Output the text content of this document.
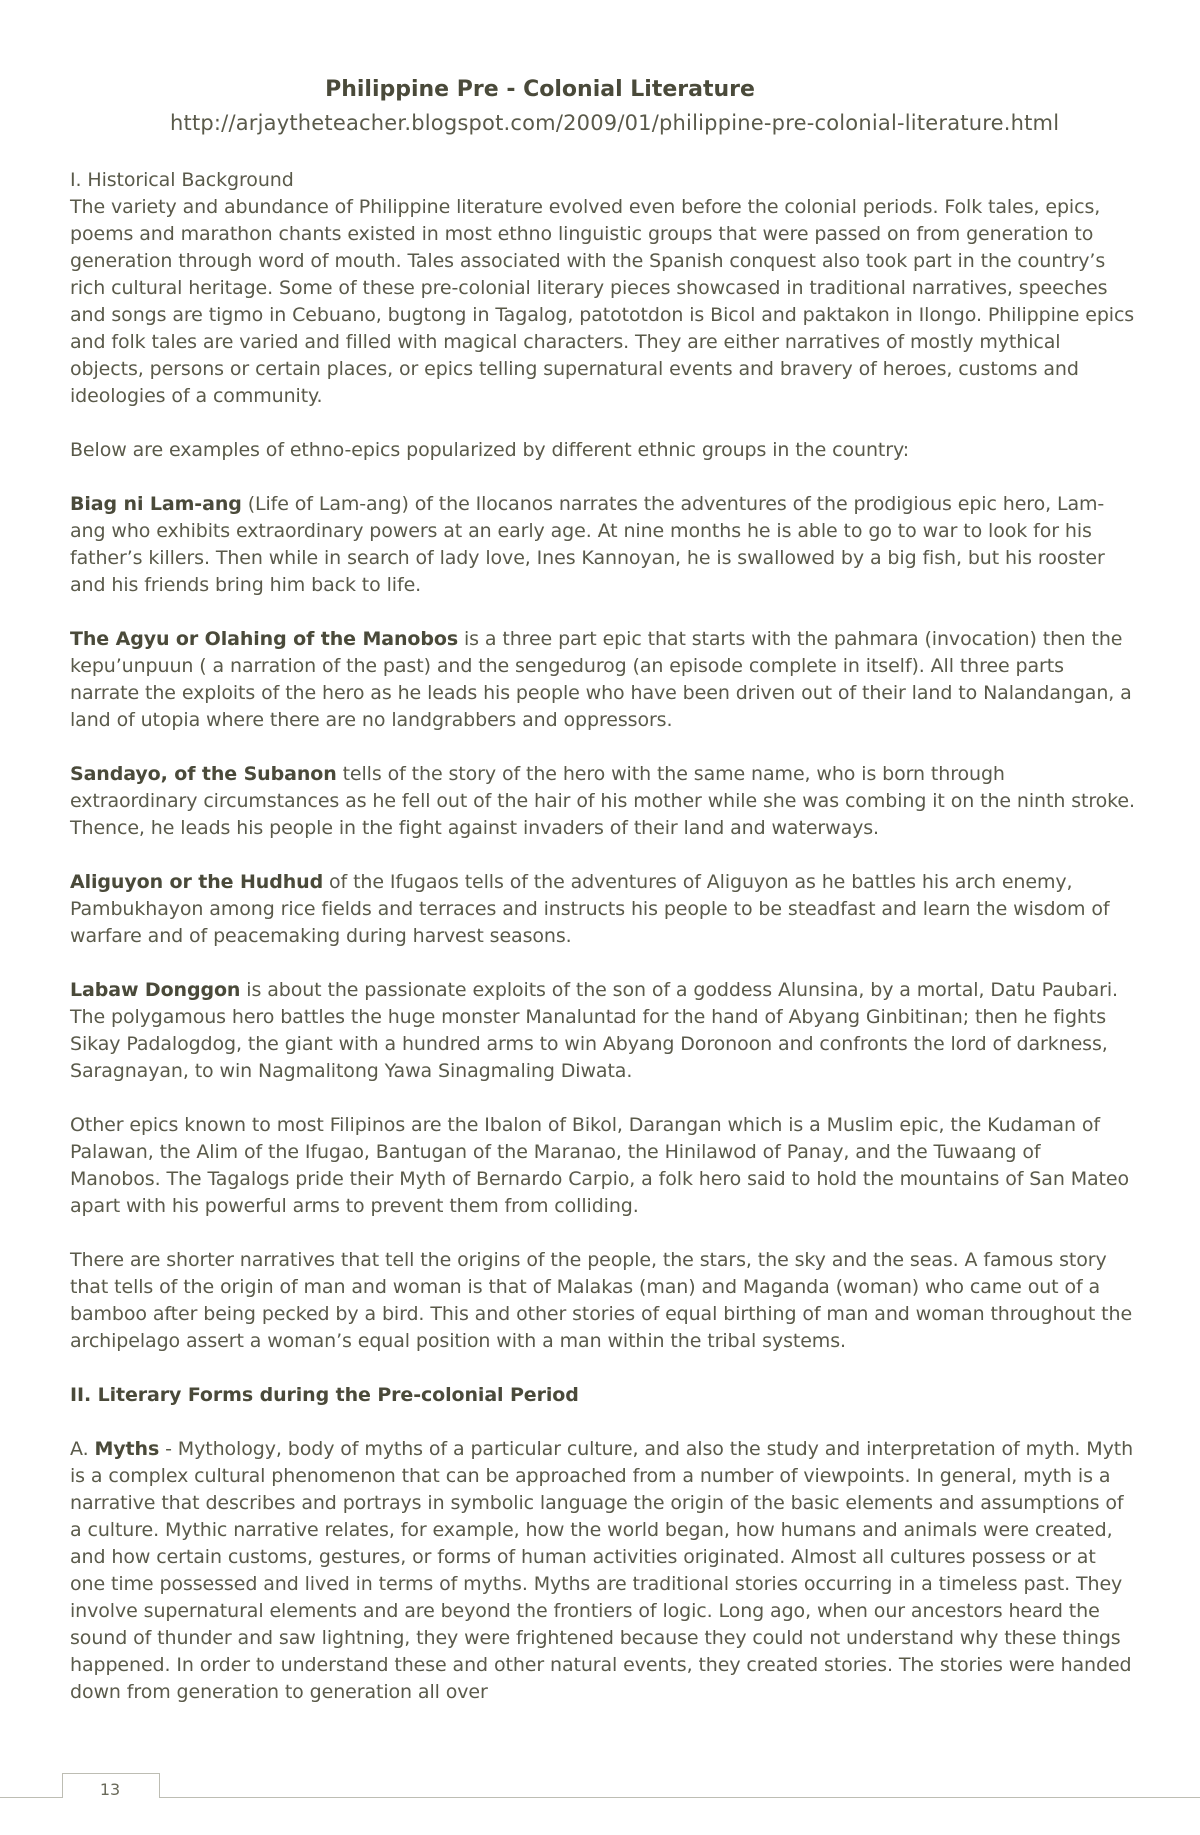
Philippine Pre - Colonial Literature
http://arjaytheteacher.blogspot.com/2009/01/philippine-pre-colonial-literature.html

I. Historical Background

The variety and abundance of Philippine literature evolved even before the colonial periods. Folk tales, epics, poems and marathon chants existed in most ethno linguistic groups that were passed on from generation to generation through word of mouth. Tales associated with the Spanish conquest also took part in the country’s rich cultural heritage. Some of these pre-colonial literary pieces showcased in traditional narratives, speeches and songs are tigmo in Cebuano, bugtong in Tagalog, patototdon is Bicol and paktakon in Ilongo. Philippine epics and folk tales are varied and filled with magical characters. They are either narratives of mostly mythical objects, persons or certain places, or epics telling supernatural events and bravery of heroes, customs and ideologies of a community.

Below are examples of ethno-epics popularized by different ethnic groups in the country:

Biag ni Lam-ang (Life of Lam-ang) of the Ilocanos narrates the adventures of the prodigious epic hero, Lam-ang who exhibits extraordinary powers at an early age. At nine months he is able to go to war to look for his father’s killers. Then while in search of lady love, Ines Kannoyan, he is swallowed by a big fish, but his rooster and his friends bring him back to life.

The Agyu or Olahing of the Manobos is a three part epic that starts with the pahmara (invocation) then the kepu’unpuun ( a narration of the past) and the sengedurog (an episode complete in itself). All three parts narrate the exploits of the hero as he leads his people who have been driven out of their land to Nalandangan, a land of utopia where there are no landgrabbers and oppressors.

Sandayo, of the Subanon tells of the story of the hero with the same name, who is born through extraordinary circumstances as he fell out of the hair of his mother while she was combing it on the ninth stroke. Thence, he leads his people in the fight against invaders of their land and waterways.

Aliguyon or the Hudhud of the Ifugaos tells of the adventures of Aliguyon as he battles his arch enemy, Pambukhayon among rice fields and terraces and instructs his people to be steadfast and learn the wisdom of warfare and of peacemaking during harvest seasons.

Labaw Donggon is about the passionate exploits of the son of a goddess Alunsina, by a mortal, Datu Paubari. The polygamous hero battles the huge monster Manaluntad for the hand of Abyang Ginbitinan; then he fights Sikay Padalogdog, the giant with a hundred arms to win Abyang Doronoon and confronts the lord of darkness, Saragnayan, to win Nagmalitong Yawa Sinagmaling Diwata.

Other epics known to most Filipinos are the Ibalon of Bikol, Darangan which is a Muslim epic, the Kudaman of Palawan, the Alim of the Ifugao, Bantugan of the Maranao, the Hinilawod of Panay, and the Tuwaang of Manobos. The Tagalogs pride their Myth of Bernardo Carpio, a folk hero said to hold the mountains of San Mateo apart with his powerful arms to prevent them from colliding.

There are shorter narratives that tell the origins of the people, the stars, the sky and the seas. A famous story that tells of the origin of man and woman is that of Malakas (man) and Maganda (woman) who came out of a bamboo after being pecked by a bird. This and other stories of equal birthing of man and woman throughout the archipelago assert a woman’s equal position with a man within the tribal systems.

II. Literary Forms during the Pre-colonial Period

A. Myths - Mythology, body of myths of a particular culture, and also the study and interpretation of myth. Myth is a complex cultural phenomenon that can be approached from a number of viewpoints. In general, myth is a narrative that describes and portrays in symbolic language the origin of the basic elements and assumptions of a culture. Mythic narrative relates, for example, how the world began, how humans and animals were created, and how certain customs, gestures, or forms of human activities originated. Almost all cultures possess or at one time possessed and lived in terms of myths. Myths are traditional stories occurring in a timeless past. They involve supernatural elements and are beyond the frontiers of logic. Long ago, when our ancestors heard the sound of thunder and saw lightning, they were frightened because they could not understand why these things happened. In order to understand these and other natural events, they created stories. The stories were handed down from generation to generation all over

13
